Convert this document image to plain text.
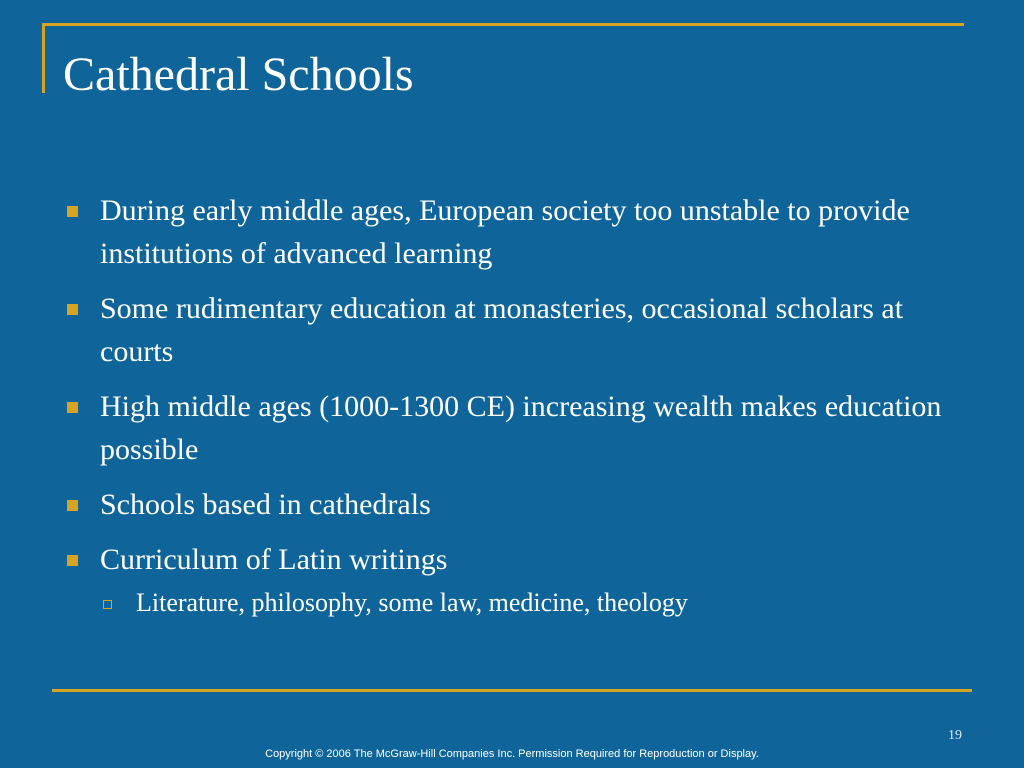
Cathedral Schools
During early middle ages, European society too unstable to provide institutions of advanced learning
Some rudimentary education at monasteries, occasional scholars at courts
High middle ages (1000-1300 CE) increasing wealth makes education possible
Schools based in cathedrals
Curriculum of Latin writings
Literature, philosophy, some law, medicine, theology
19
Copyright © 2006 The McGraw-Hill Companies Inc. Permission Required for Reproduction or Display.
